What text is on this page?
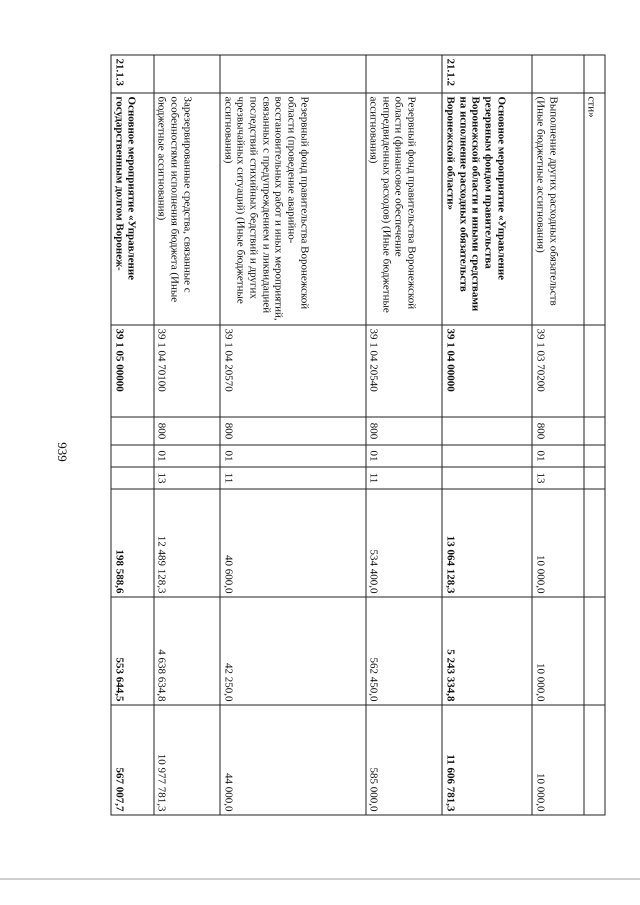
939
	сти»							
	Выполнение других расходных обязательств (Иные бюджетные ассигнования)	39 1 03 70200	800	01	13	10 000,0	10 000,0	10 000,0
21.1.2	Основное мероприятие «Управление резервным фондом правительства Воронежской области и иными средствами на исполнение расходных обязательств Воронежской области»	39 1 04 00000				13 064 128,3	5 243 334,8	11 606 781,3
	Резервный фонд правительства Воронежской области (финансовое обеспечение непредвиденных расходов) (Иные бюджетные ассигнования)	39 1 04 20540	800	01	11	534 400,0	562 450,0	585 000,0
	Резервный фонд правительства Воронежской области (проведение аварийно-восстановительных работ и иных мероприятий, связанных с предупреждением и ликвидацией последствий стихийных бедствий и других чрезвычайных ситуаций) (Иные бюджетные ассигнования)	39 1 04 20570	800	01	11	40 600,0	42 250,0	44 000,0
	Зарезервированные средства, связанные с особенностями исполнения бюджета (Иные бюджетные ассигнования)	39 1 04 70100	800	01	13	12 489 128,3	4 638 634,8	10 977 781,3
21.1.3	Основное мероприятие «Управление государственным долгом Воронеж-	39 1 05 00000				198 588,6	553 644,5	567 007,7
